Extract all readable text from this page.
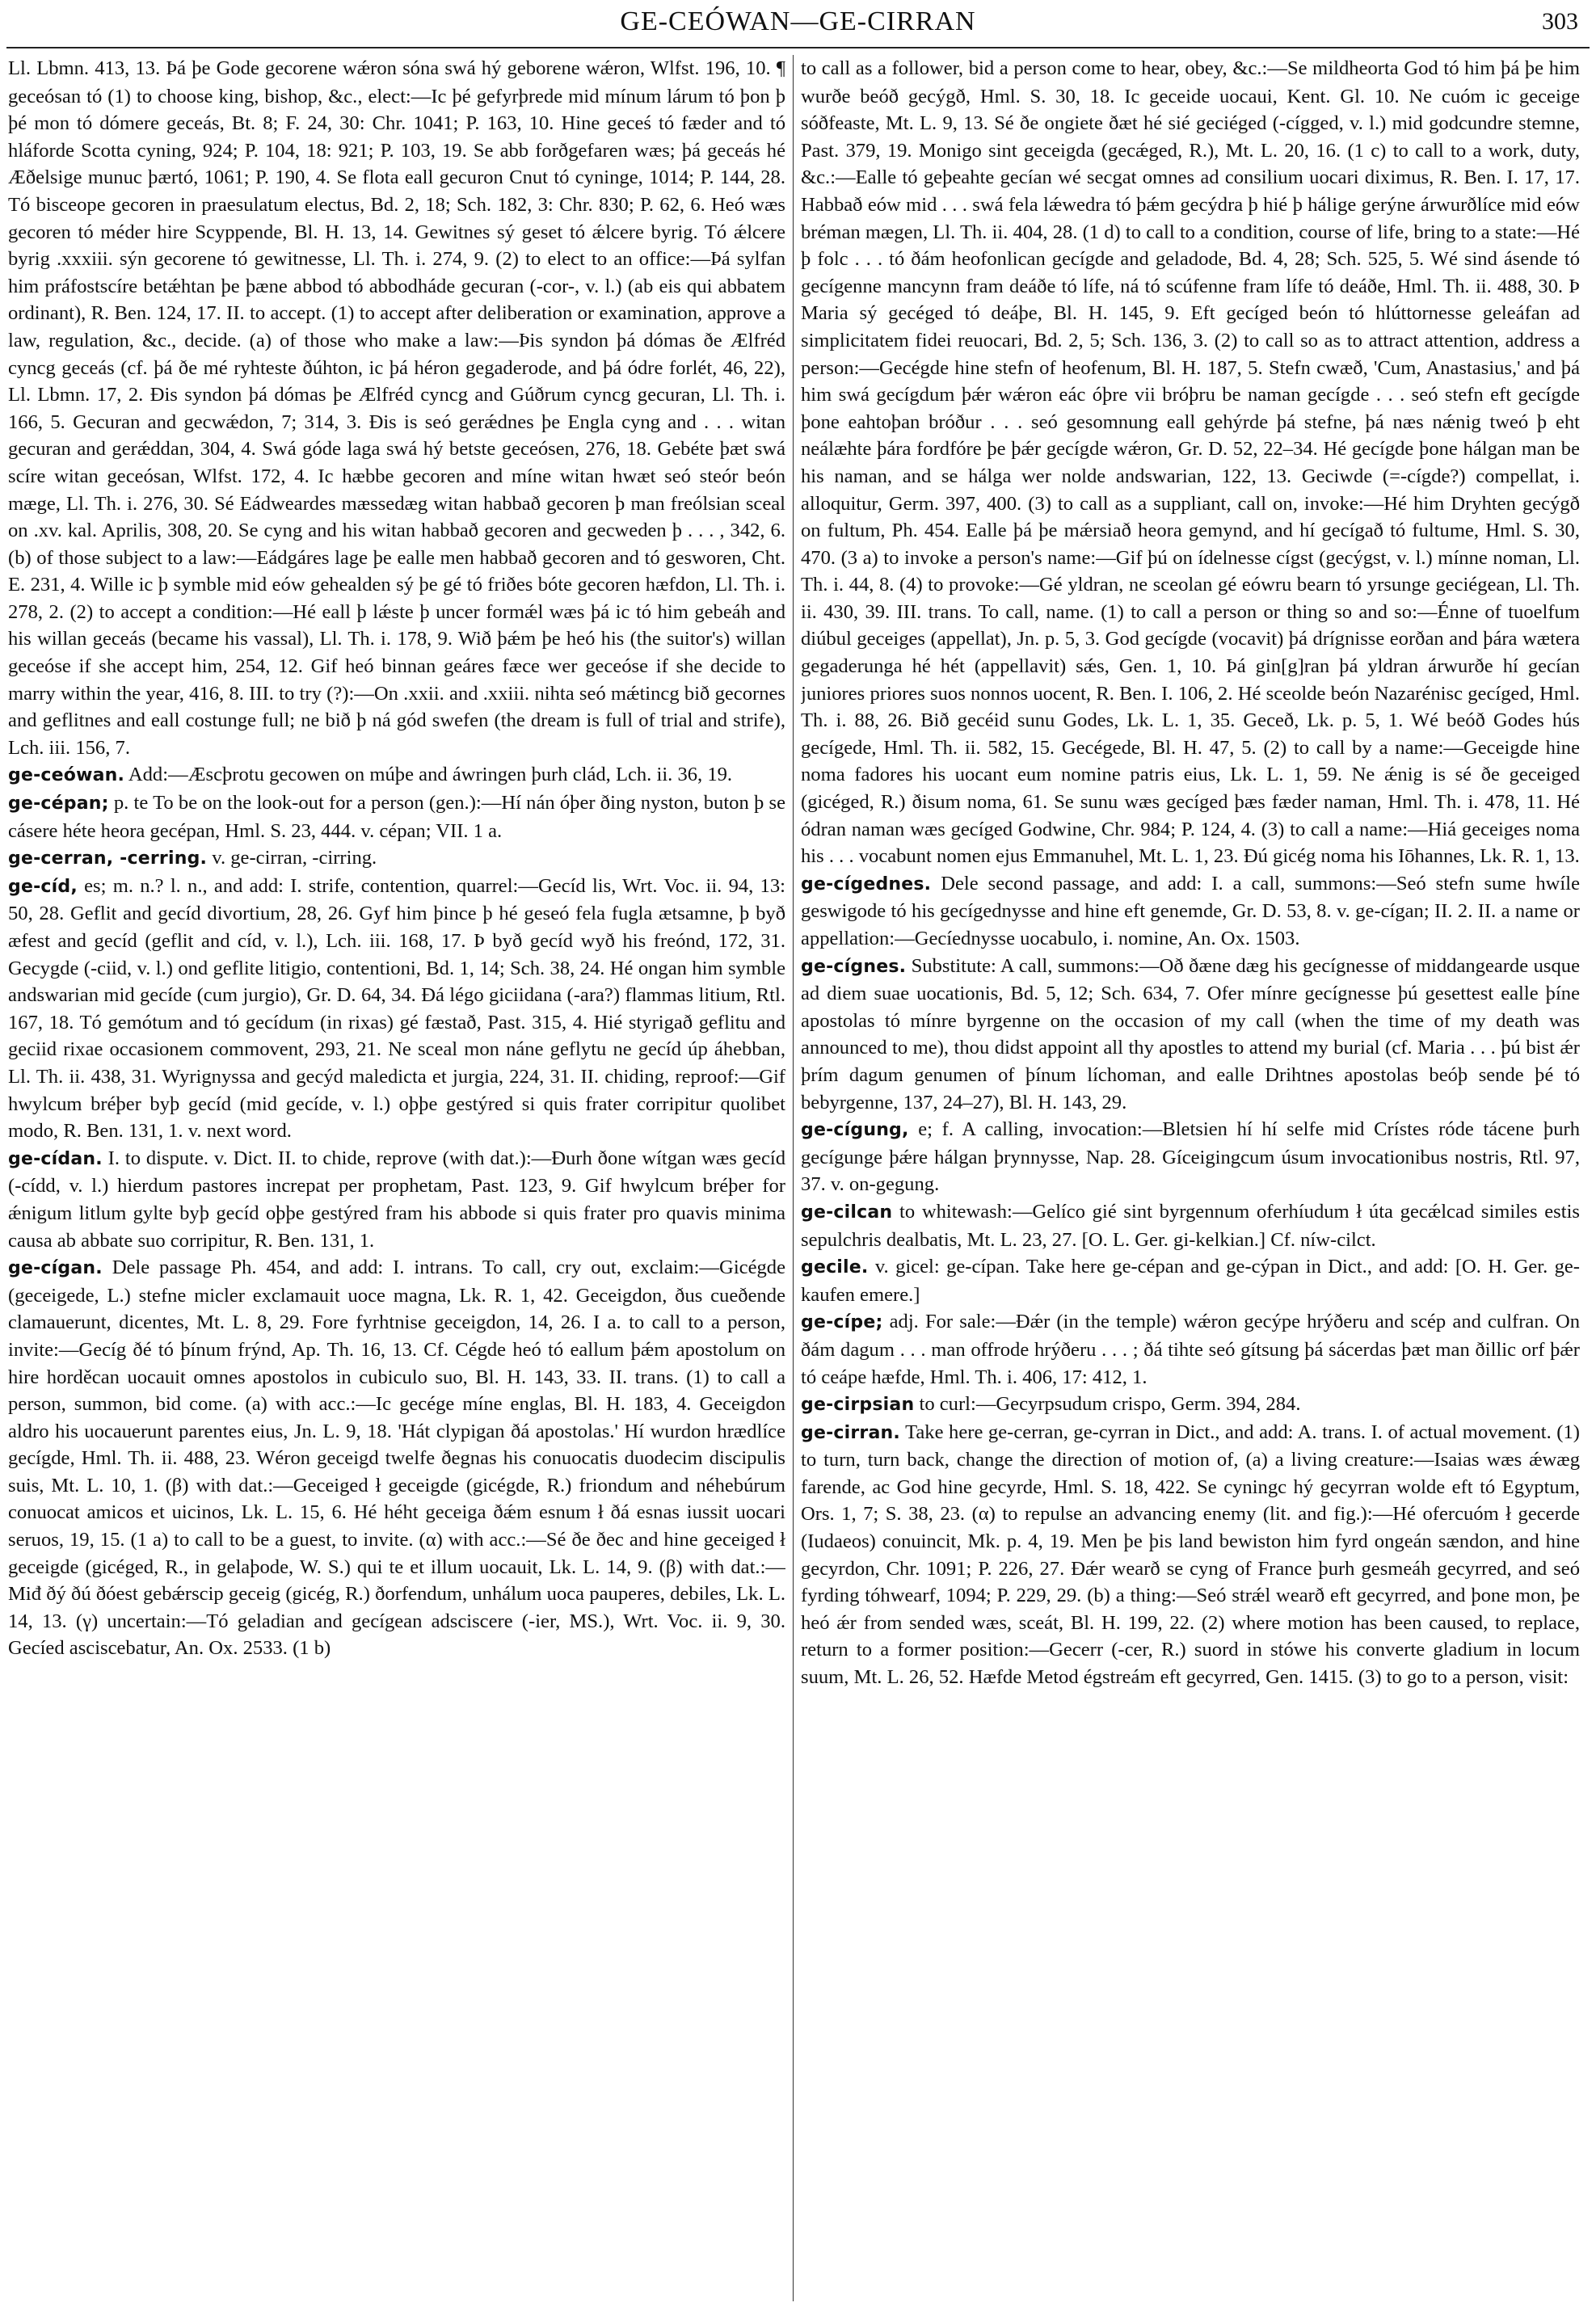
GE-CEÓWAN—GE-CIRRAN	303

Ll. Lbmn. 413, 13. Þá þe Gode gecorene wǽron sóna swá hý geborene wǽron, Wlfst. 196, 10. ¶ geceósan tó (1) to choose king, bishop, &c., elect:—Ic þé gefyrþrede mid mínum lárum tó þon þ þé mon tó dómere geceás, Bt. 8; F. 24, 30: Chr. 1041; P. 163, 10. Hine geceś tó fæder and tó hláforde Scotta cyning, 924; P. 104, 18: 921; P. 103, 19. Se abb forðgefaren wæs; þá geceás hé Æðelsige munuc þærtó, 1061; P. 190, 4. Se flota eall gecuron Cnut tó cyninge, 1014; P. 144, 28. Tó bisceope gecoren in praesulatum electus, Bd. 2, 18; Sch. 182, 3: Chr. 830; P. 62, 6. Heó wæs gecoren tó méder hire Scyppende, Bl. H. 13, 14. Gewitnes sý geset tó ǽlcere byrig. Tó ǽlcere byrig .xxxiii. sýn gecorene tó gewitnesse, Ll. Th. i. 274, 9. (2) to elect to an office:—Þá sylfan him práfostscíre betǽhtan þe þæne abbod tó abbodháde gecuran (-cor-, v. l.) (ab eis qui abbatem ordinant), R. Ben. 124, 17. II. to accept. (1) to accept after deliberation or examination, approve a law, regulation, &c., decide. (a) of those who make a law:—Þis syndon þá dómas ðe Ælfréd cyncg geceás (cf. þá ðe mé ryhteste ðúhton, ic þá héron gegaderode, and þá ódre forlét, 46, 22), Ll. Lbmn. 17, 2. Ðis syndon þá dómas þe Ælfréd cyncg and Gúðrum cyncg gecuran, Ll. Th. i. 166, 5. Gecuran and gecwǽdon, 7; 314, 3. Ðis is seó gerǽdnes þe Engla cyng and . . . witan gecuran and gerǽddan, 304, 4. Swá góde laga swá hý betste geceósen, 276, 18. Gebéte þæt swá scíre witan geceósan, Wlfst. 172, 4. Ic hæbbe gecoren and míne witan hwæt seó steór beón mæge, Ll. Th. i. 276, 30. Sé Eádweardes mæssedæg witan habbað gecoren þ man freólsian sceal on .xv. kal. Aprilis, 308, 20. Se cyng and his witan habbað gecoren and gecweden þ . . . , 342, 6. (b) of those subject to a law:—Eádgáres lage þe ealle men habbað gecoren and tó gesworen, Cht. E. 231, 4. Wille ic þ symble mid eów gehealden sý þe gé tó friðes bóte gecoren hæfdon, Ll. Th. i. 278, 2. (2) to accept a condition:—Hé eall þ lǽste þ uncer formǽl wæs þá ic tó him gebeáh and his willan geceás (became his vassal), Ll. Th. i. 178, 9. Wið þǽm þe heó his (the suitor's) willan geceóse if she accept him, 254, 12. Gif heó binnan geáres fæce wer geceóse if she decide to marry within the year, 416, 8. III. to try (?):—On .xxii. and .xxiii. nihta seó mǽtincg bið gecornes and geflitnes and eall costunge full; ne bið þ ná gód swefen (the dream is full of trial and strife), Lch. iii. 156, 7.

ge-ceówan. Add:—Æscþrotu gecowen on múþe and áwringen þurh clád, Lch. ii. 36, 19.

ge-cépan; p. te To be on the look-out for a person (gen.):—Hí nán óþer ðing nyston, buton þ se cásere héte heora gecépan, Hml. S. 23, 444. v. cépan; VII. 1 a.

ge-cerran, -cerring. v. ge-cirran, -cirring.

ge-cíd, es; m. n.? l. n., and add: I. strife, contention, quarrel:—Gecíd lis, Wrt. Voc. ii. 94, 13: 50, 28. Geflit and gecíd divortium, 28, 26. Gyf him þince þ hé geseó fela fugla ætsamne, þ byð æfest and gecíd (geflit and cíd, v. l.), Lch. iii. 168, 17. Þ byð gecíd wyð his freónd, 172, 31. Gecygde (-ciid, v. l.) ond geflite litigio, contentioni, Bd. 1, 14; Sch. 38, 24. Hé ongan him symble andswarian mid gecíde (cum jurgio), Gr. D. 64, 34. Ðá légo giciidana (-ara?) flammas litium, Rtl. 167, 18. Tó gemótum and tó gecídum (in rixas) gé fæstað, Past. 315, 4. Hié styrigað geflitu and geciid rixae occasionem commovent, 293, 21. Ne sceal mon náne geflytu ne gecíd úp áhebban, Ll. Th. ii. 438, 31. Wyrignyssa and gecýd maledicta et jurgia, 224, 31. II. chiding, reproof:—Gif hwylcum bréþer byþ gecíd (mid gecíde, v. l.) oþþe gestýred si quis frater corripitur quolibet modo, R. Ben. 131, 1. v. next word.

ge-cídan. I. to dispute. v. Dict. II. to chide, reprove (with dat.):—Ðurh ðone wítgan wæs gecíd (-cídd, v. l.) hierdum pastores increpat per prophetam, Past. 123, 9. Gif hwylcum bréþer for ǽnigum litlum gylte byþ gecíd oþþe gestýred fram his abbode si quis frater pro quavis minima causa ab abbate suo corripitur, R. Ben. 131, 1.

ge-cígan. Dele passage Ph. 454, and add: I. intrans. To call, cry out, exclaim:—Gicégde (geceigede, L.) stefne micler exclamauit uoce magna, Lk. R. 1, 42. Geceigdon, ðus cueðende clamauerunt, dicentes, Mt. L. 8, 29. Fore fyrhtnise geceigdon, 14, 26. I a. to call to a person, invite:—Gecíg ðé tó þínum frýnd, Ap. Th. 16, 13. Cf. Cégde heó tó eallum þǽm apostolum on hire horděcan uocauit omnes apostolos in cubiculo suo, Bl. H. 143, 33. II. trans. (1) to call a person, summon, bid come. (a) with acc.:—Ic gecége míne englas, Bl. H. 183, 4. Geceigdon aldro his uocauerunt parentes eius, Jn. L. 9, 18. 'Hát clypigan ðá apostolas.' Hí wurdon hrædlíce gecígde, Hml. Th. ii. 488, 23. Wéron geceigd twelfe ðegnas his conuocatis duodecim discipulis suis, Mt. L. 10, 1. (β) with dat.:—Geceiged ł geceigde (gicégde, R.) friondum and néhebúrum conuocat amicos et uicinos, Lk. L. 15, 6. Hé héht geceiga ðǽm esnum ł ðá esnas iussit uocari seruos, 19, 15. (1 a) to call to be a guest, to invite. (α) with acc.:—Sé ðe ðec and hine geceiged ł geceigde (gicéged, R., in gelaþode, W. S.) qui te et illum uocauit, Lk. L. 14, 9. (β) with dat.:—Miđ ðý ðú ðóest gebǽrscip geceig (gicég, R.) ðorfendum, unhálum uoca pauperes, debiles, Lk. L. 14, 13. (γ) uncertain:—Tó geladian and gecígean adsciscere (-ier, MS.), Wrt. Voc. ii. 9, 30. Gecíed asciscebatur, An. Ox. 2533. (1 b)

to call as a follower, bid a person come to hear, obey, &c.:—Se mildheorta God tó him þá þe him wurðe beóð gecýgð, Hml. S. 30, 18. Ic geceide uocaui, Kent. Gl. 10. Ne cuóm ic geceige sóðfeaste, Mt. L. 9, 13. Sé ðe ongiete ðæt hé sié geciéged (-cígged, v. l.) mid godcundre stemne, Past. 379, 19. Monigo sint geceigda (gecǽged, R.), Mt. L. 20, 16. (1 c) to call to a work, duty, &c.:—Ealle tó geþeahte gecían wé secgat omnes ad consilium uocari diximus, R. Ben. I. 17, 17. Habbað eów mid . . . swá fela lǽwedra tó þǽm gecýdra þ hié þ hálige gerýne árwurðlíce mid eów bréman mægen, Ll. Th. ii. 404, 28. (1 d) to call to a condition, course of life, bring to a state:—Hé þ folc . . . tó ðám heofonlican gecígde and geladode, Bd. 4, 28; Sch. 525, 5. Wé sind ásende tó gecígenne mancynn fram deáðe tó lífe, ná tó scúfenne fram lífe tó deáðe, Hml. Th. ii. 488, 30. Þ Maria sý gecéged tó deáþe, Bl. H. 145, 9. Eft gecíged beón tó hlúttornesse geleáfan ad simplicitatem fidei reuocari, Bd. 2, 5; Sch. 136, 3. (2) to call so as to attract attention, address a person:—Gecégde hine stefn of heofenum, Bl. H. 187, 5. Stefn cwæð, 'Cum, Anastasius,' and þá him swá gecígdum þǽr wǽron eác óþre vii bróþru be naman gecígde . . . seó stefn eft gecígde þone eahtoþan bróður . . . seó gesomnung eall gehýrde þá stefne, þá næs nǽnig tweó þ eht neálæhte þára fordfóre þe þǽr gecígde wǽron, Gr. D. 52, 22–34. Hé gecígde þone hálgan man be his naman, and se hálga wer nolde andswarian, 122, 13. Geciwde (=-cígde?) compellat, i. alloquitur, Germ. 397, 400. (3) to call as a suppliant, call on, invoke:—Hé him Dryhten gecýgð on fultum, Ph. 454. Ealle þá þe mǽrsiað heora gemynd, and hí gecígað tó fultume, Hml. S. 30, 470. (3 a) to invoke a person's name:—Gif þú on ídelnesse cígst (gecýgst, v. l.) mínne noman, Ll. Th. i. 44, 8. (4) to provoke:—Gé yldran, ne sceolan gé eówru bearn tó yrsunge geciégean, Ll. Th. ii. 430, 39. III. trans. To call, name. (1) to call a person or thing so and so:—Énne of tuoelfum diúbul geceiges (appellat), Jn. p. 5, 3. God gecígde (vocavit) þá drígnisse eorðan and þára wætera gegaderunga hé hét (appellavit) sǽs, Gen. 1, 10. Þá gin[g]ran þá yldran árwurðe hí gecían juniores priores suos nonnos uocent, R. Ben. I. 106, 2. Hé sceolde beón Nazarénisc gecíged, Hml. Th. i. 88, 26. Bið gecéid sunu Godes, Lk. L. 1, 35. Geceð, Lk. p. 5, 1. Wé beóð Godes hús gecígede, Hml. Th. ii. 582, 15. Gecégede, Bl. H. 47, 5. (2) to call by a name:—Geceigde hine noma fadores his uocant eum nomine patris eius, Lk. L. 1, 59. Ne ǽnig is sé ðe geceiged (gicéged, R.) ðisum noma, 61. Se sunu wæs gecíged þæs fæder naman, Hml. Th. i. 478, 11. Hé ódran naman wæs gecíged Godwine, Chr. 984; P. 124, 4. (3) to call a name:—Hiá geceiges noma his . . . vocabunt nomen ejus Emmanuhel, Mt. L. 1, 23. Ðú gicég noma his Iōhannes, Lk. R. 1, 13.

ge-cígednes. Dele second passage, and add: I. a call, summons:—Seó stefn sume hwíle geswigode tó his gecígednysse and hine eft genemde, Gr. D. 53, 8. v. ge-cígan; II. 2. II. a name or appellation:—Gecíednysse uocabulo, i. nomine, An. Ox. 1503.

ge-cígnes. Substitute: A call, summons:—Oð ðæne dæg his gecígnesse of middangearde usque ad diem suae uocationis, Bd. 5, 12; Sch. 634, 7. Ofer mínre gecígnesse þú gesettest ealle þíne apostolas tó mínre byrgenne on the occasion of my call (when the time of my death was announced to me), thou didst appoint all thy apostles to attend my burial (cf. Maria . . . þú bist ǽr þrím dagum genumen of þínum líchoman, and ealle Drihtnes apostolas beóþ sende þé tó bebyrgenne, 137, 24–27), Bl. H. 143, 29.

ge-cígung, e; f. A calling, invocation:—Bletsien hí hí selfe mid Crístes róde tácene þurh gecígunge þǽre hálgan þrynnysse, Nap. 28. Gíceigingcum úsum invocationibus nostris, Rtl. 97, 37. v. on-gegung.

ge-cilcan to whitewash:—Gelíco gié sint byrgennum oferhíudum ł úta gecǽlcad similes estis sepulchris dealbatis, Mt. L. 23, 27. [O. L. Ger. gi-kelkian.] Cf. níw-cilct.

gecile. v. gicel: ge-cípan. Take here ge-cépan and ge-cýpan in Dict., and add: [O. H. Ger. ge-kaufen emere.]

ge-cípe; adj. For sale:—Ðǽr (in the temple) wǽron gecýpe hrýðeru and scép and culfran. On ðám dagum . . . man offrode hrýðeru . . . ; ðá tihte seó gítsung þá sácerdas þæt man ðillic orf þǽr tó ceápe hæfde, Hml. Th. i. 406, 17: 412, 1.

ge-cirpsian to curl:—Gecyrpsudum crispo, Germ. 394, 284.

ge-cirran. Take here ge-cerran, ge-cyrran in Dict., and add: A. trans. I. of actual movement. (1) to turn, turn back, change the direction of motion of, (a) a living creature:—Isaias wæs ǽwæg farende, ac God hine gecyrde, Hml. S. 18, 422. Se cyningc hý gecyrran wolde eft tó Egyptum, Ors. 1, 7; S. 38, 23. (α) to repulse an advancing enemy (lit. and fig.):—Hé ofercuóm ł gecerde (Iudaeos) conuincit, Mk. p. 4, 19. Men þe þis land bewiston him fyrd ongeán sændon, and hine gecyrdon, Chr. 1091; P. 226, 27. Ðǽr wearð se cyng of France þurh gesmeáh gecyrred, and seó fyrding tóhwearf, 1094; P. 229, 29. (b) a thing:—Seó strǽl wearð eft gecyrred, and þone mon, þe heó ǽr from sended wæs, sceát, Bl. H. 199, 22. (2) where motion has been caused, to replace, return to a former position:—Gecerr (-cer, R.) suord in stówe his converte gladium in locum suum, Mt. L. 26, 52. Hæfde Metod égstreám eft gecyrred, Gen. 1415. (3) to go to a person, visit:
